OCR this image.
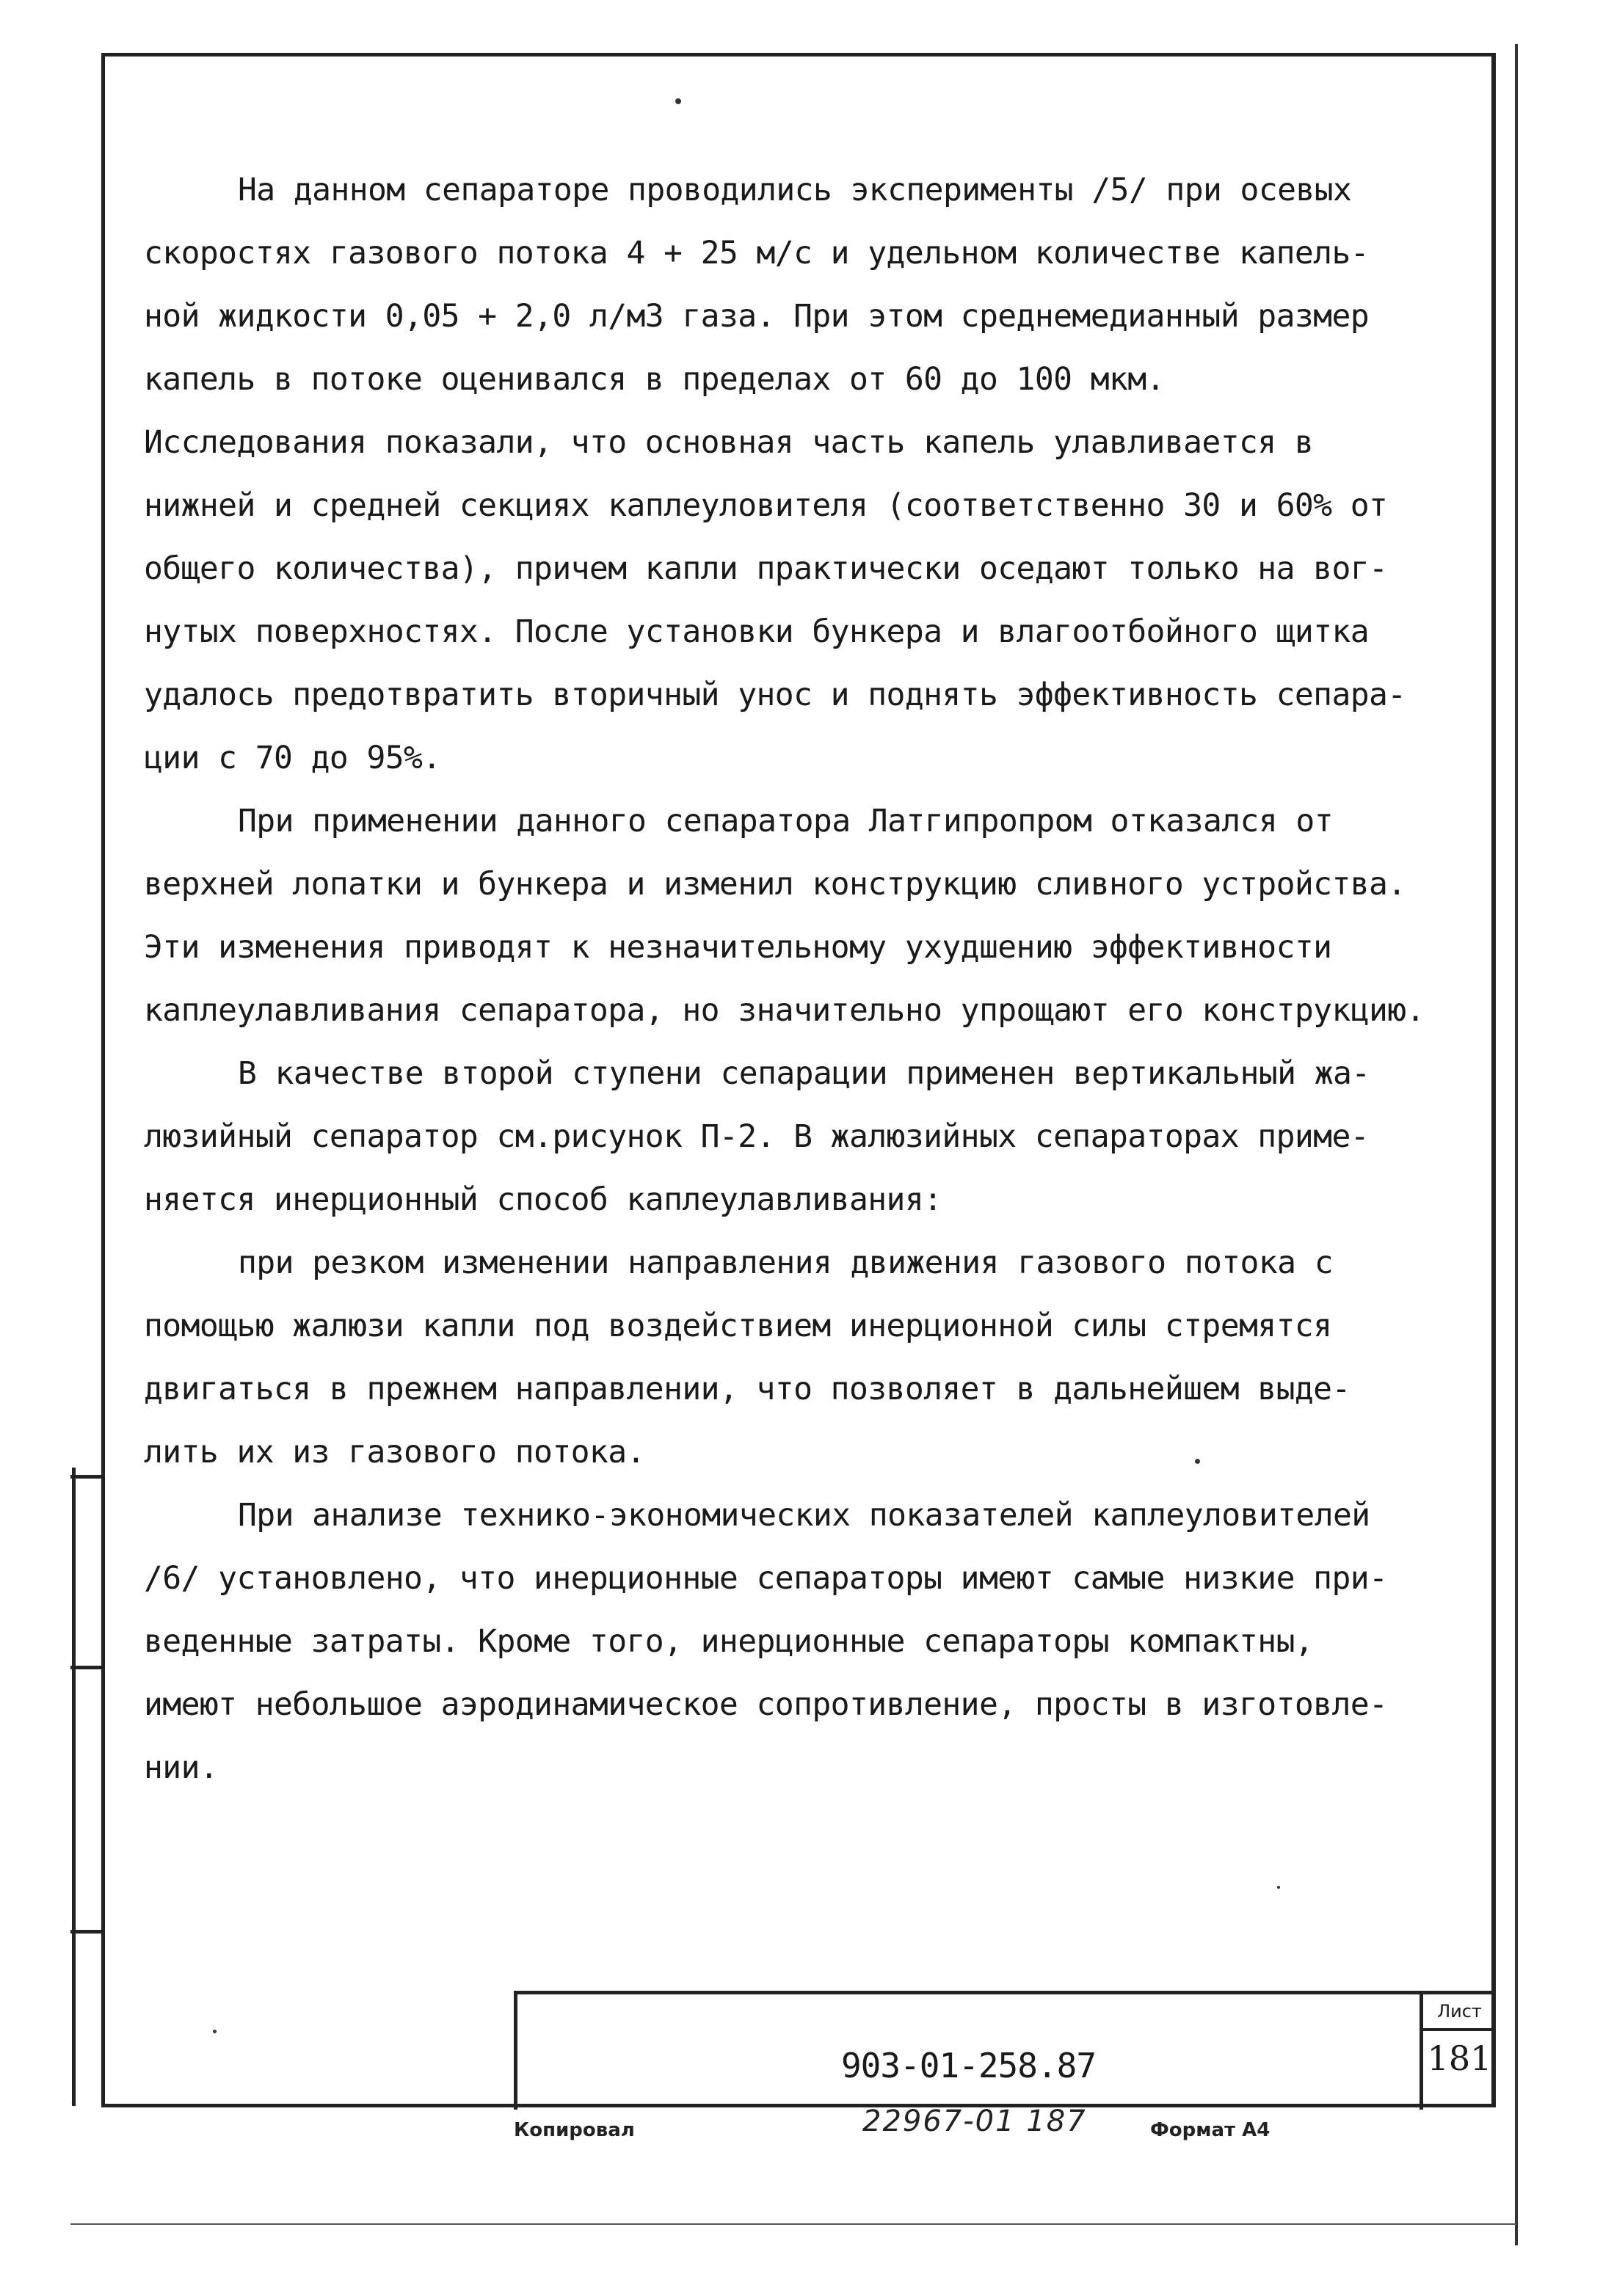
На данном сепараторе проводились эксперименты /5/ при осевых

скоростях газового потока 4 + 25 м/с и удельном количестве капель-

ной жидкости 0,05 + 2,0 л/м3 газа. При этом среднемедианный размер

капель в потоке оценивался в пределах от 60 до 100 мкм.

Исследования показали, что основная часть капель улавливается в

нижней и средней секциях каплеуловителя (соответственно 30 и 60% от

общего количества), причем капли практически оседают только на вог-

нутых поверхностях. После установки бункера и влагоотбойного щитка

удалось предотвратить вторичный унос и поднять эффективность сепара-

ции с 70 до 95%.

При применении данного сепаратора Латгипропром отказался от

верхней лопатки и бункера и изменил конструкцию сливного устройства.

Эти изменения приводят к незначительному ухудшению эффективности

каплеулавливания сепаратора, но значительно упрощают его конструкцию.

В качестве второй ступени сепарации применен вертикальный жа-

люзийный сепаратор см.рисунок П-2. В жалюзийных сепараторах приме-

няется инерционный способ каплеулавливания:

при резком изменении направления движения газового потока с

помощью жалюзи капли под воздействием инерционной силы стремятся

двигаться в прежнем направлении, что позволяет в дальнейшем выде-

лить их из газового потока.

При анализе технико-экономических показателей каплеуловителей

/6/ установлено, что инерционные сепараторы имеют самые низкие при-

веденные затраты. Кроме того, инерционные сепараторы компактны,

имеют небольшое аэродинамическое сопротивление, просты в изготовле-

нии.

903-01-258.87
Лист
181
Копировал	22967-01 187	Формат А4
